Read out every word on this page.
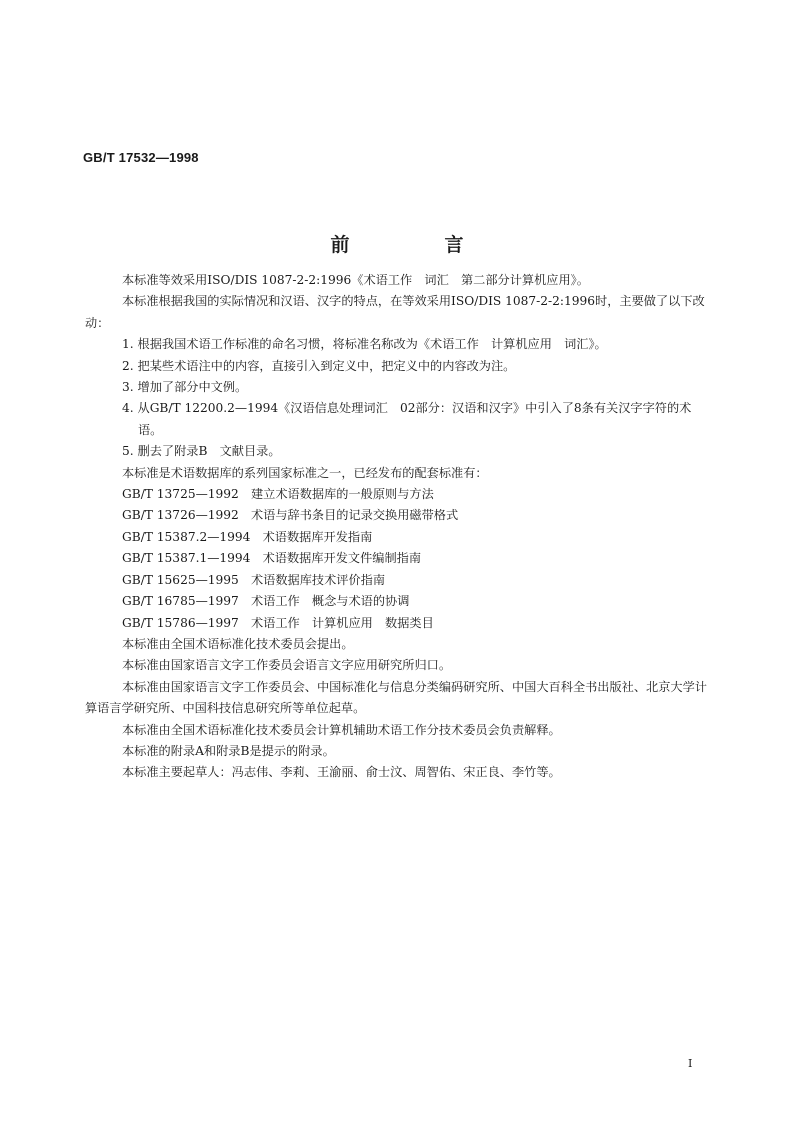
GB/T 17532—1998
前　言

本标准等效采用ISO/DIS 1087-2-2:1996《术语工作　词汇　第二部分计算机应用》。

本标准根据我国的实际情况和汉语、汉字的特点，在等效采用ISO/DIS 1087-2-2:1996时，主要做了以下改动：

1. 根据我国术语工作标准的命名习惯，将标准名称改为《术语工作　计算机应用　词汇》。

2. 把某些术语注中的内容，直接引入到定义中，把定义中的内容改为注。

3. 增加了部分中文例。

4. 从GB/T 12200.2—1994《汉语信息处理词汇　02部分：汉语和汉字》中引入了8条有关汉字字符的术语。

5. 删去了附录B　文献目录。

本标准是术语数据库的系列国家标准之一，已经发布的配套标准有：

GB/T 13725—1992　建立术语数据库的一般原则与方法

GB/T 13726—1992　术语与辞书条目的记录交换用磁带格式

GB/T 15387.2—1994　术语数据库开发指南

GB/T 15387.1—1994　术语数据库开发文件编制指南

GB/T 15625—1995　术语数据库技术评价指南

GB/T 16785—1997　术语工作　概念与术语的协调

GB/T 15786—1997　术语工作　计算机应用　数据类目

本标准由全国术语标准化技术委员会提出。

本标准由国家语言文字工作委员会语言文字应用研究所归口。

本标准由国家语言文字工作委员会、中国标准化与信息分类编码研究所、中国大百科全书出版社、北京大学计算语言学研究所、中国科技信息研究所等单位起草。

本标准由全国术语标准化技术委员会计算机辅助术语工作分技术委员会负责解释。

本标准的附录A和附录B是提示的附录。

本标准主要起草人：冯志伟、李莉、王渝丽、俞士汶、周智佑、宋正良、李竹等。

I
